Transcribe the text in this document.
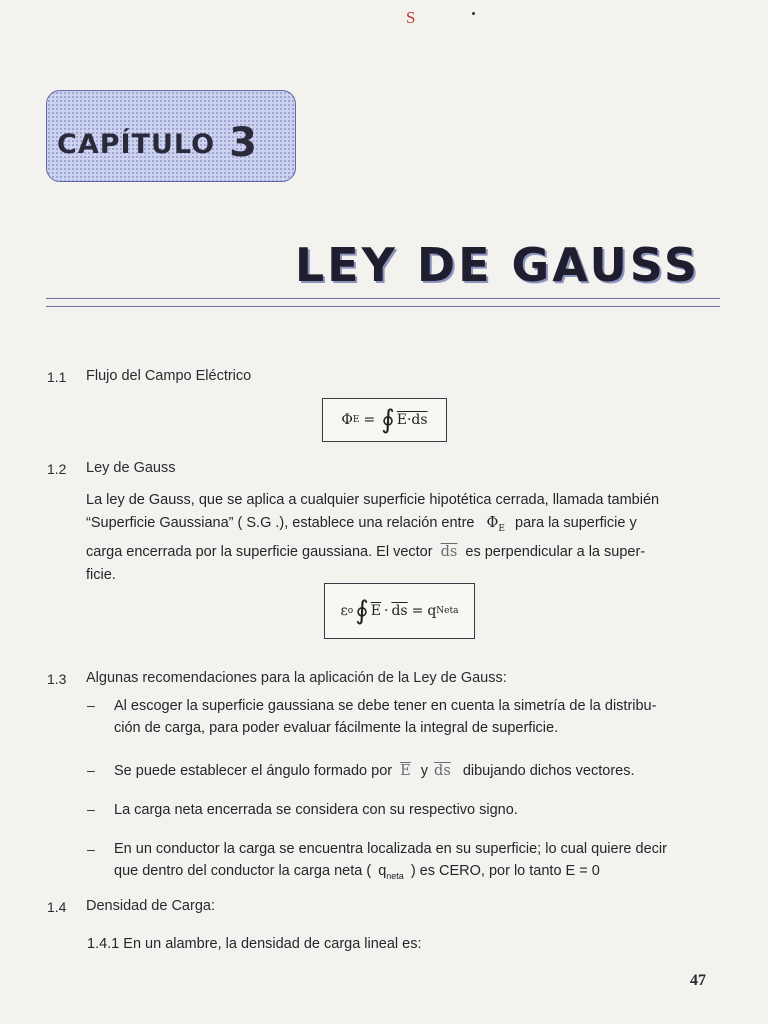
S
CAPÍTULO 3
LEY DE GAUSS
1.1 Flujo del Campo Eléctrico
Φ E = ∮ E·ds
1.2 Ley de Gauss
La ley de Gauss, que se aplica a cualquier superficie hipotética cerrada, llamada también
“Superficie Gaussiana” ( S.G .), establece una relación entre $\Phi_E$ para la superficie y
carga encerrada por la superficie gaussiana. El vector $\overline{ds}$ es perpendicular a la super-
ficie.
ε o ∮ $\overline{E} \cdot \overline{ds} = q$ Neta
1.3 Algunas recomendaciones para la aplicación de la Ley de Gauss:
– Al escoger la superficie gaussiana se debe tener en cuenta la simetría de la distribu-
ción de carga, para poder evaluar fácilmente la integral de superficie.
– Se puede establecer el ángulo formado por $\overline{E}$ y $\overline{ds}$ dibujando dichos vectores.
– La carga neta encerrada se considera con su respectivo signo.
– En un conductor la carga se encuentra localizada en su superficie; lo cual quiere decir
que dentro del conductor la carga neta ( $q_{neta}$ ) es CERO, por lo tanto E = 0
1.4 Densidad de Carga:
1.4.1 En un alambre, la densidad de carga lineal es:
47
